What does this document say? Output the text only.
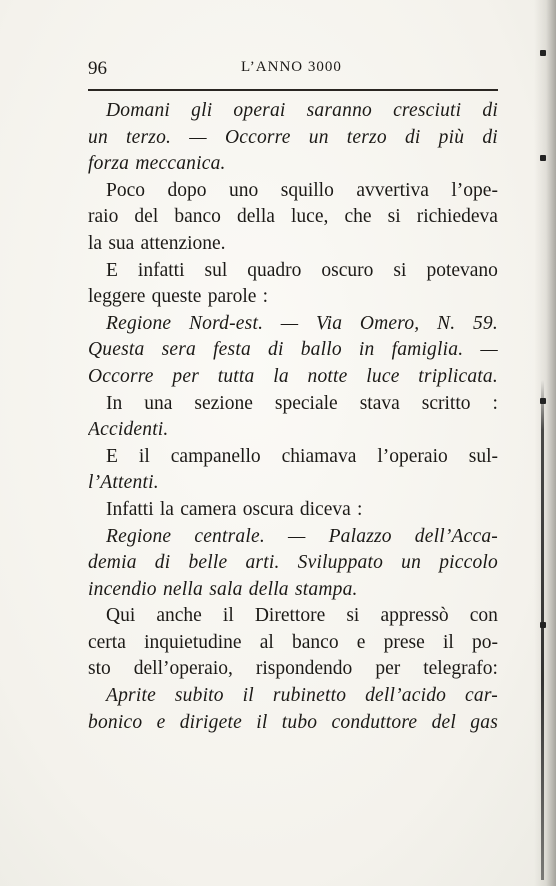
96	L’ANNO 3000
Domani gli operai saranno cresciuti di
un terzo. — Occorre un terzo di più di
forza meccanica.
Poco dopo uno squillo avvertiva l’ope-
raio del banco della luce, che si richiedeva
la sua attenzione.
E infatti sul quadro oscuro si potevano
leggere queste parole :
Regione Nord-est. — Via Omero, N. 59.
Questa sera festa di ballo in famiglia. —
Occorre per tutta la notte luce triplicata.
In una sezione speciale stava scritto :
Accidenti.
E il campanello chiamava l’operaio sul-
l’Attenti.
Infatti la camera oscura diceva :
Regione centrale. — Palazzo dell’Acca-
demia di belle arti. Sviluppato un piccolo
incendio nella sala della stampa.
Qui anche il Direttore si appressò con
certa inquietudine al banco e prese il po-
sto dell’operaio, rispondendo per telegrafo:
Aprite subito il rubinetto dell’acido car-
bonico e dirigete il tubo conduttore del gas
